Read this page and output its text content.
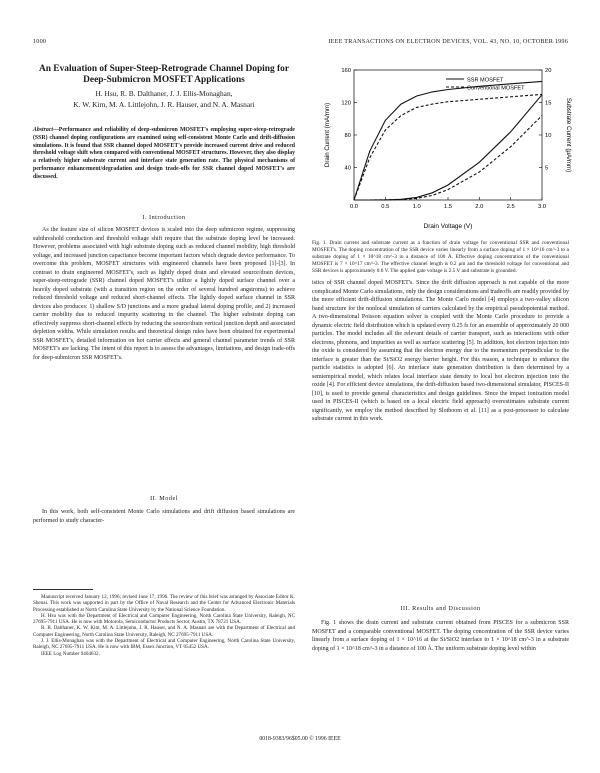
1000	IEEE TRANSACTIONS ON ELECTRON DEVICES, VOL. 43, NO. 10, OCTOBER 1996
An Evaluation of Super-Steep-Retrograde Channel Doping for Deep-Submicron MOSFET Applications
H. Hsu, R. B. Dalthaner, J. J. Ellis-Monaghan,
K. W. Kim, M. A. Littlejohn, J. R. Hauser, and N. A. Masnari
Abstract—Performance and reliability of deep-submicron MOSFET's employing super-steep-retrograde (SSR) channel doping configurations are examined using self-consistent Monte Carlo and drift-diffusion simulations. It is found that SSR channel doped MOSFET's provide increased current drive and reduced threshold voltage shift when compared with conventional MOSFET structures. However, they also display a relatively higher substrate current and interface state generation rate. The physical mechanisms of performance enhancement/degradation and design trade-offs for SSR channel doped MOSFET's are discussed.
I. Introduction
As the feature size of silicon MOSFET devices is scaled into the deep submicron regime, suppressing subthreshold conduction and threshold voltage shift require that the substrate doping level be increased. However, problems associated with high substrate doping such as reduced channel mobility, high threshold voltage, and increased junction capacitance become important factors which degrade device performance. To overcome this problem, MOSFET structures with engineered channels have been proposed [1]-[3]. In contrast to drain engineered MOSFET's, such as lightly doped drain and elevated source/drain devices, super-steep-retrograde (SSR) channel doped MOSFET's utilize a lightly doped surface channel over a heavily doped substrate (with a transition region on the order of several hundred angstroms) to achieve reduced threshold voltage and reduced short-channel effects. The lightly doped surface channel in SSR devices also produces: 1) shallow S/D junctions and a more gradual lateral doping profile, and 2) increased carrier mobility due to reduced impurity scattering in the channel. The higher substrate doping can effectively suppress short-channel effects by reducing the source/drain vertical junction depth and associated depletion widths. While simulation results and theoretical design rules have been obtained for experimental SSR MOSFET's, detailed information on hot carrier effects and general channel parameter trends of SSR MOSFET's are lacking. The intent of this report is to assess the advantages, limitations, and design trade-offs for deep-submicron SSR MOSFET's.
II. Model
In this work, both self-consistent Monte Carlo simulations and drift diffusion based simulations are performed to study character-

Manuscript received January 12, 1996; revised June 17, 1996. The review of this brief was arranged by Associate Editor K. Shenai. This work was supported in part by the Office of Naval Research and the Center for Advanced Electronic Materials Processing established at North Carolina State University by the National Science Foundation.

H. Hsu was with the Department of Electrical and Computer Engineering, North Carolina State University, Raleigh, NC 27695-7911 USA. He is now with Motorola, Semiconductor Products Sector, Austin, TX 78721 USA.

R. B. Dalthaner, K. W. Kim, M. A. Littlejohn, J. R. Hauser, and N. A. Masnari are with the Department of Electrical and Computer Engineering, North Carolina State University, Raleigh, NC 27695-7911 USA.

J. J. Ellis-Monaghan was with the Department of Electrical and Computer Engineering, North Carolina State University, Raleigh, NC 27695-7911 USA. He is now with IBM, Essex Junction, VT 05452 USA.

IEEE Log Number 9404632.

0.0	0.5	1.0	1.5	2.0	2.5	3.0
40
80
120
160
5
10
15
20
SSR MOSFET
Conventional MOSFET
Drain Voltage (V)
Drain Current (mA/mm)	Substrate Current (μA/mm)
Fig. 1. Drain current and substrate current as a function of drain voltage for conventional SSR and conventional MOSFET's. The doping concentration of the SSR device varies linearly from a surface doping of 1 × 10^16 cm^-3 to a substrate doping of 1 × 10^18 cm^-3 in a distance of 100 Å. Effective doping concentration of the conventional MOSFET is 7 × 10^17 cm^-3. The effective channel length is 0.2 μm and the threshold voltage for conventional and SSR devices is approximately 0.6 V. The applied gate voltage is 2.5 V and substrate is grounded.
istics of SSR channel doped MOSFET's. Since the drift diffusion approach is not capable of the more complicated Monte Carlo simulations, only the design considerations and tradeoffs are readily provided by the more efficient drift-diffusion simulations. The Monte Carlo model [4] employs a two-valley silicon band structure for the nonlocal simulation of carriers calculated by the empirical pseudopotential method. A two-dimensional Poisson equation solver is coupled with the Monte Carlo procedure to provide a dynamic electric field distribution which is updated every 0.25 fs for an ensemble of approximately 20 000 particles. The model includes all the relevant details of carrier transport, such as interactions with other electrons, phonons, and impurities as well as surface scattering [5]. In addition, hot electron injection into the oxide is considered by assuming that the electron energy due to the momentum perpendicular to the interface is greater than the Si/SiO2 energy barrier height. For this reason, a technique to enhance the particle statistics is adopted [6]. An interface state generation distribution is then determined by a semiempirical model, which relates local interface state density to local hot electron injection into the oxide [4]. For efficient device simulations, the drift-diffusion based two-dimensional simulator, PISCES-II [10], is used to provide general characteristics and design guidelines. Since the impact ionization model used in PISCES-II (which is based on a local electric field approach) overestimates substrate current significantly, we employ the method described by Slotboom et al. [11] as a post-processor to calculate substrate current in this work.
III. Results and Discussion
Fig. 1 shows the drain current and substrate current obtained from PISCES for a submicron SSR MOSFET and a comparable conventional MOSFET. The doping concentration of the SSR device varies linearly from a surface doping of 1 × 10^16 at the Si/SiO2 interface to 1 × 10^18 cm^-3 in a substrate doping of 1 × 10^18 cm^-3 in a distance of 100 Å. The uniform substrate doping level within
0018-9383/96$05.00 © 1996 IEEE
